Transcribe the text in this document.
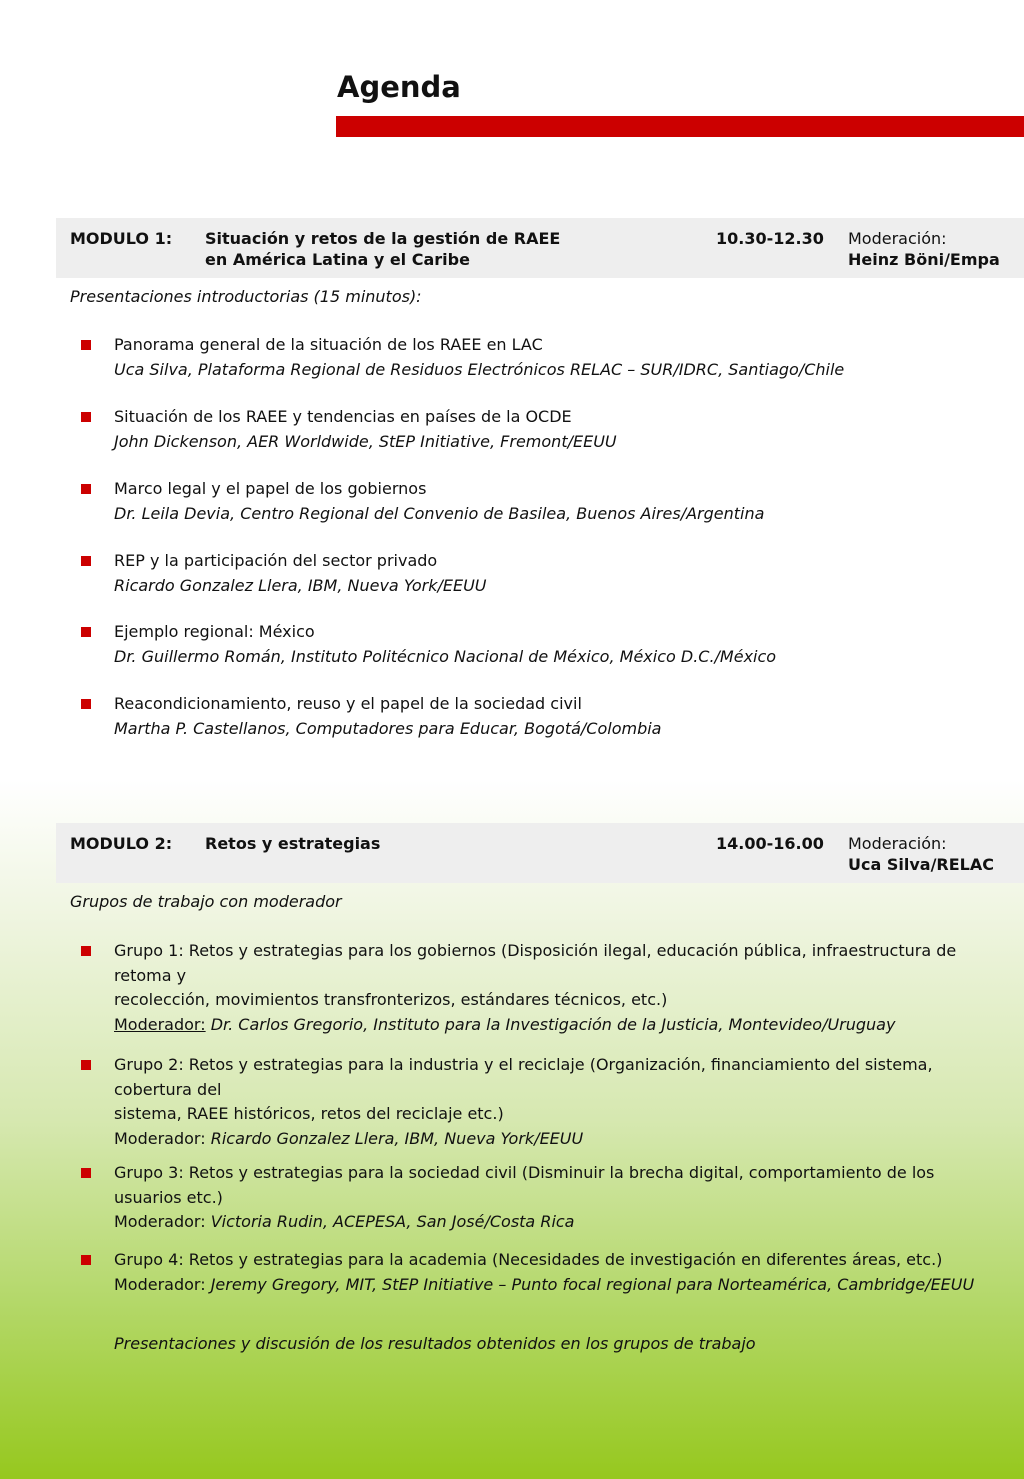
Agenda
MODULO 1: Situación y retos de la gestión de RAEE
en América Latina y el Caribe
10.30-12.30 Moderación:
Heinz Böni/Empa
Presentaciones introductorias (15 minutos):
Panorama general de la situación de los RAEE en LAC
Uca Silva, Plataforma Regional de Residuos Electrónicos RELAC – SUR/IDRC, Santiago/Chile
Situación de los RAEE y tendencias en países de la OCDE
John Dickenson, AER Worldwide, StEP Initiative, Fremont/EEUU
Marco legal y el papel de los gobiernos
Dr. Leila Devia, Centro Regional del Convenio de Basilea, Buenos Aires/Argentina
REP y la participación del sector privado
Ricardo Gonzalez Llera, IBM, Nueva York/EEUU
Ejemplo regional: México
Dr. Guillermo Román, Instituto Politécnico Nacional de México, México D.C./México
Reacondicionamiento, reuso y el papel de la sociedad civil
Martha P. Castellanos, Computadores para Educar, Bogotá/Colombia
MODULO 2: Retos y estrategias	14.00-16.00 Moderación:
Uca Silva/RELAC
Grupos de trabajo con moderador
Grupo 1: Retos y estrategias para los gobiernos (Disposición ilegal, educación pública, infraestructura de retoma y
recolección, movimientos transfronterizos, estándares técnicos, etc.)
Moderador: Dr. Carlos Gregorio, Instituto para la Investigación de la Justicia, Montevideo/Uruguay
Grupo 2: Retos y estrategias para la industria y el reciclaje (Organización, financiamiento del sistema, cobertura del
sistema, RAEE históricos, retos del reciclaje etc.)
Moderador: Ricardo Gonzalez Llera, IBM, Nueva York/EEUU
Grupo 3: Retos y estrategias para la sociedad civil (Disminuir la brecha digital, comportamiento de los usuarios etc.)
Moderador: Victoria Rudin, ACEPESA, San José/Costa Rica
Grupo 4: Retos y estrategias para la academia (Necesidades de investigación en diferentes áreas, etc.)
Moderador: Jeremy Gregory, MIT, StEP Initiative – Punto focal regional para Norteamérica, Cambridge/EEUU
Presentaciones y discusión de los resultados obtenidos en los grupos de trabajo
